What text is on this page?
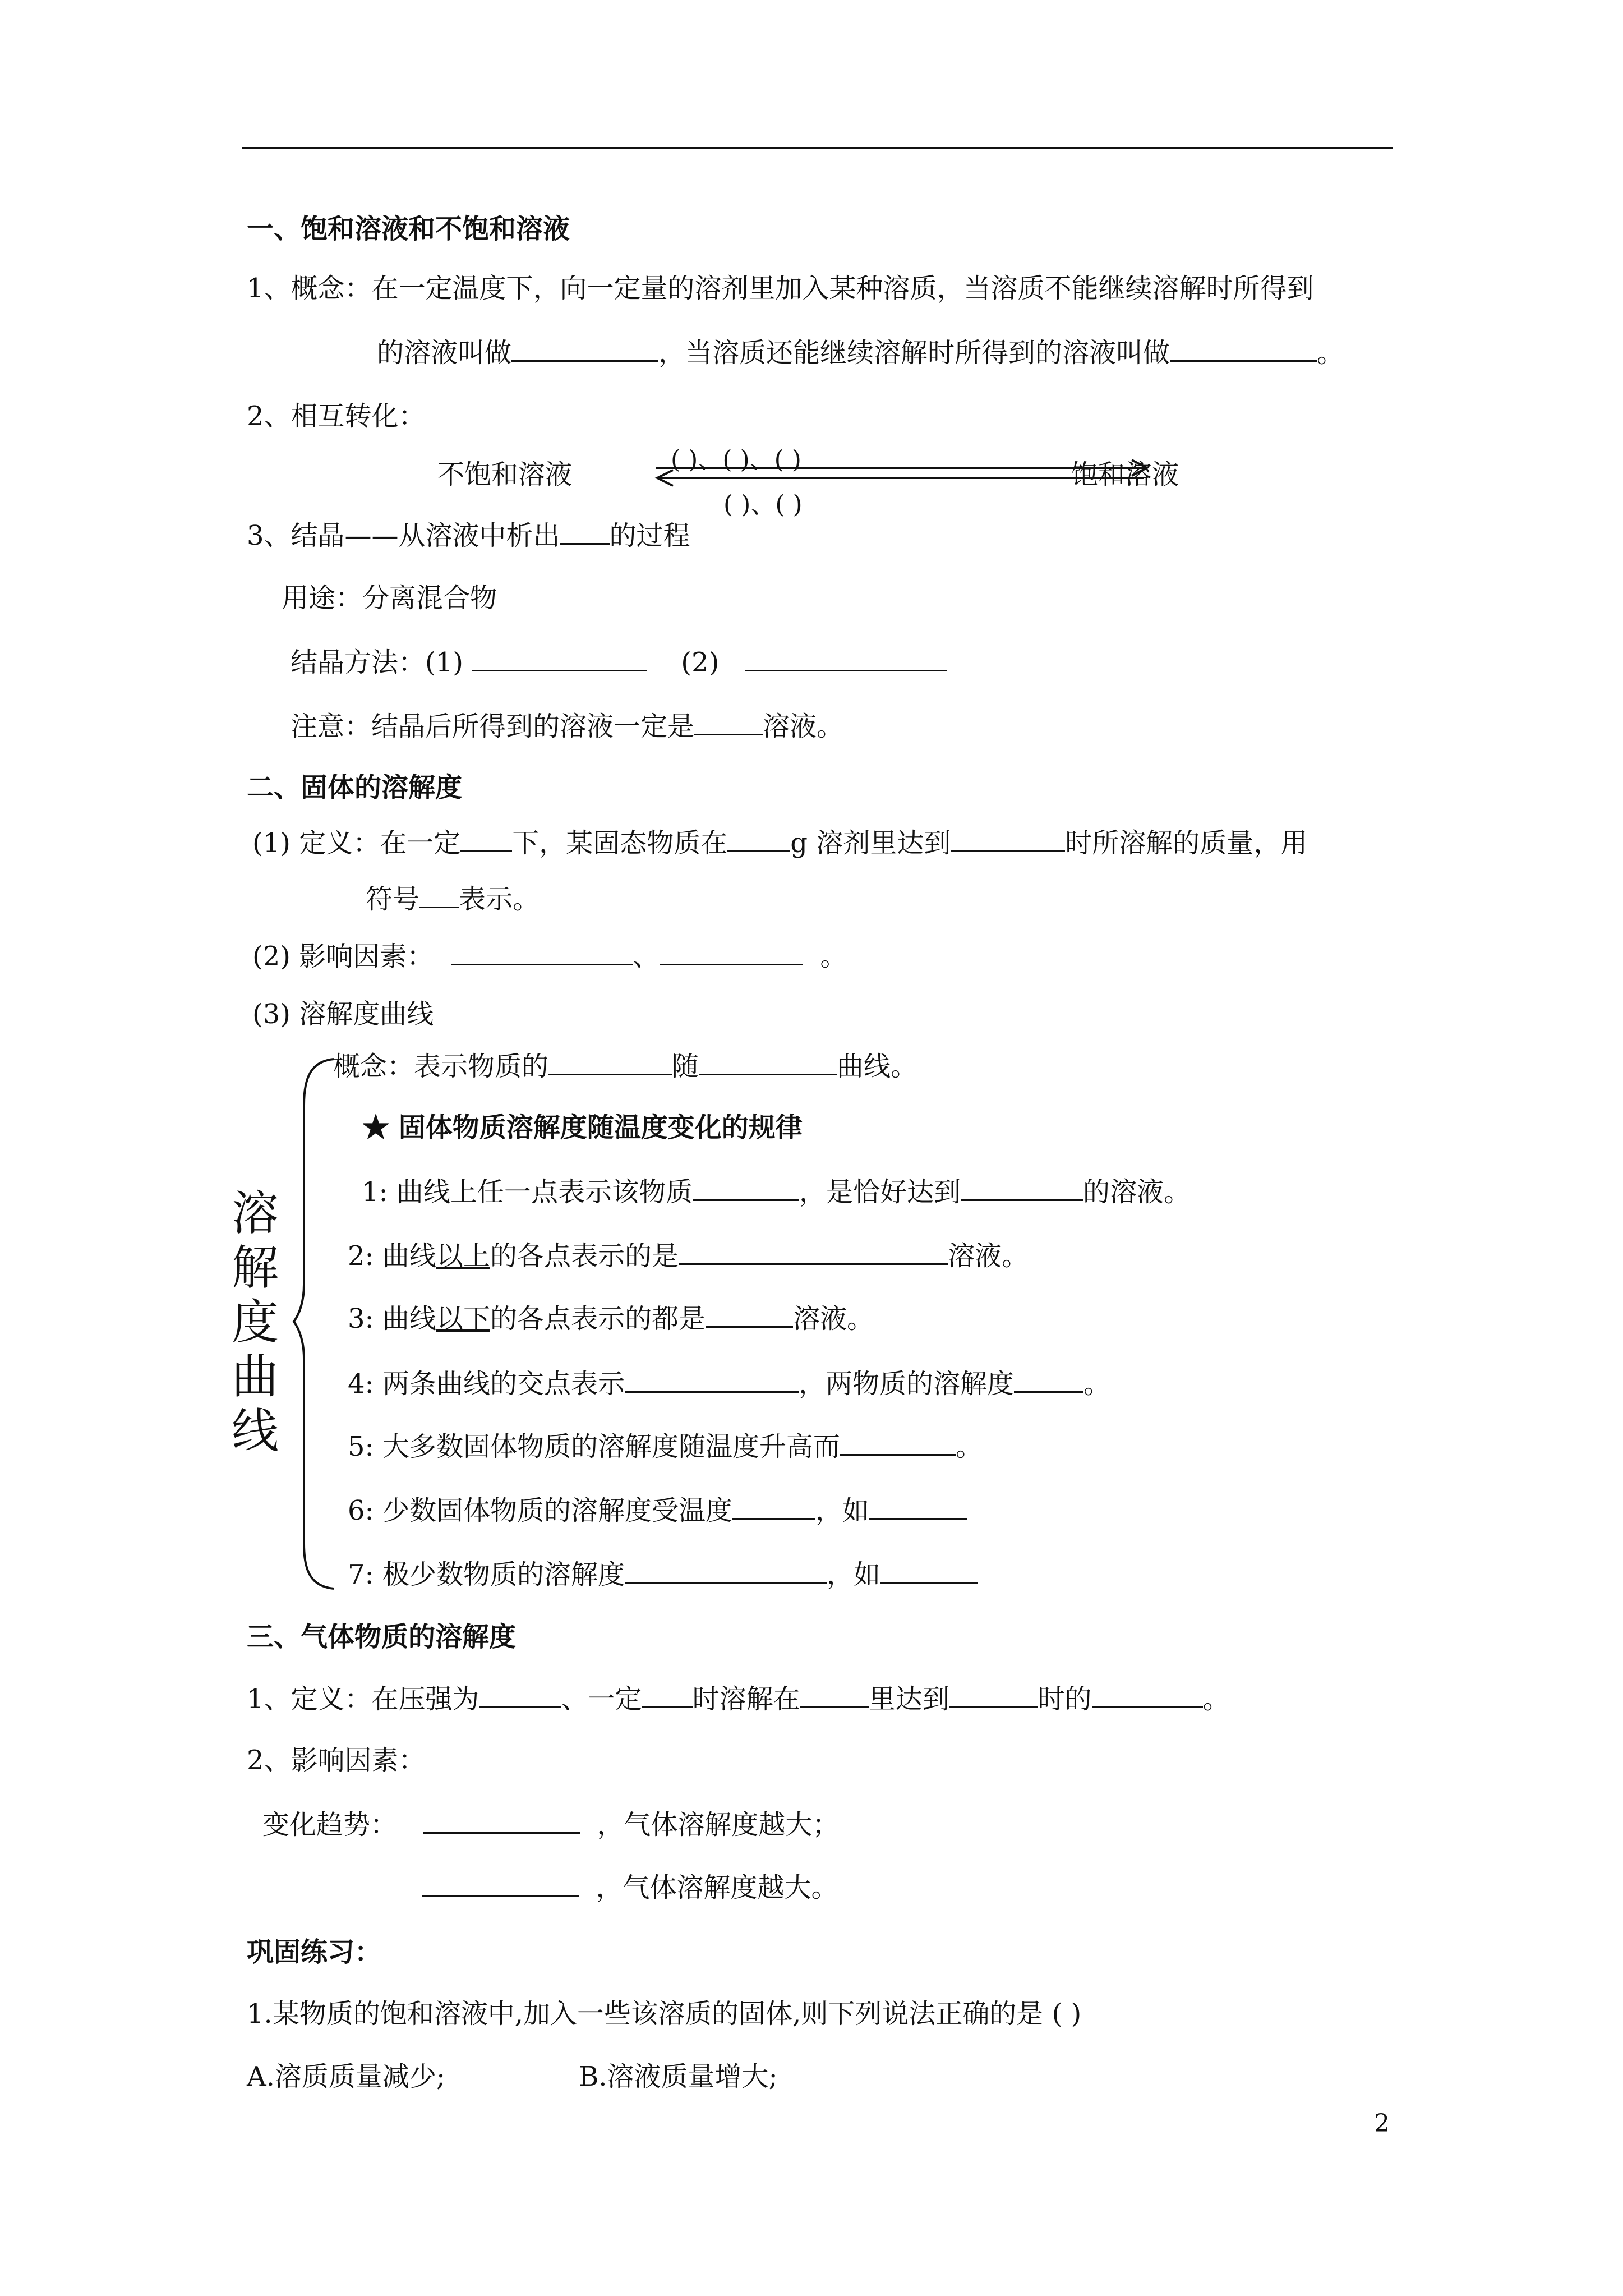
一、饱和溶液和不饱和溶液
1、概念：在一定温度下，向一定量的溶剂里加入某种溶质，当溶质不能继续溶解时所得到
的溶液叫做	，当溶质还能继续溶解时所得到的溶液叫做	。
2、相互转化：
不饱和溶液	饱和溶液
( )、( )、( )
( )、( )
3、结晶——从溶液中析出 的过程
用途：分离混合物
结晶方法：(1)	(2)
注意：结晶后所得到的溶液一定是	溶液。
二、固体的溶解度
(1) 定义：在一定 下，某固态物质在 g 溶剂里达到	时所溶解的质量，用
符号 表示。
(2) 影响因素：	、	。
(3) 溶解度曲线
溶解度曲线
概念：表示物质的	随	曲线。
★ 固体物质溶解度随温度变化的规律
1: 曲线上任一点表示该物质	，是恰好达到	的溶液。
2: 曲线以上的各点表示的是	溶液。
3: 曲线以下的各点表示的都是	溶液。
4: 两条曲线的交点表示	，两物质的溶解度	。
5: 大多数固体物质的溶解度随温度升高而	。
6: 少数固体物质的溶解度受温度	，如
7: 极少数物质的溶解度	，如
三、气体物质的溶解度
1、定义：在压强为	、一定 时溶解在	里达到	时的	。
2、影响因素：
变化趋势：	，气体溶解度越大；
，气体溶解度越大。
巩固练习：
1.某物质的饱和溶液中,加入一些该溶质的固体,则下列说法正确的是 ( )
A.溶质质量减少;	B.溶液质量增大;
2
